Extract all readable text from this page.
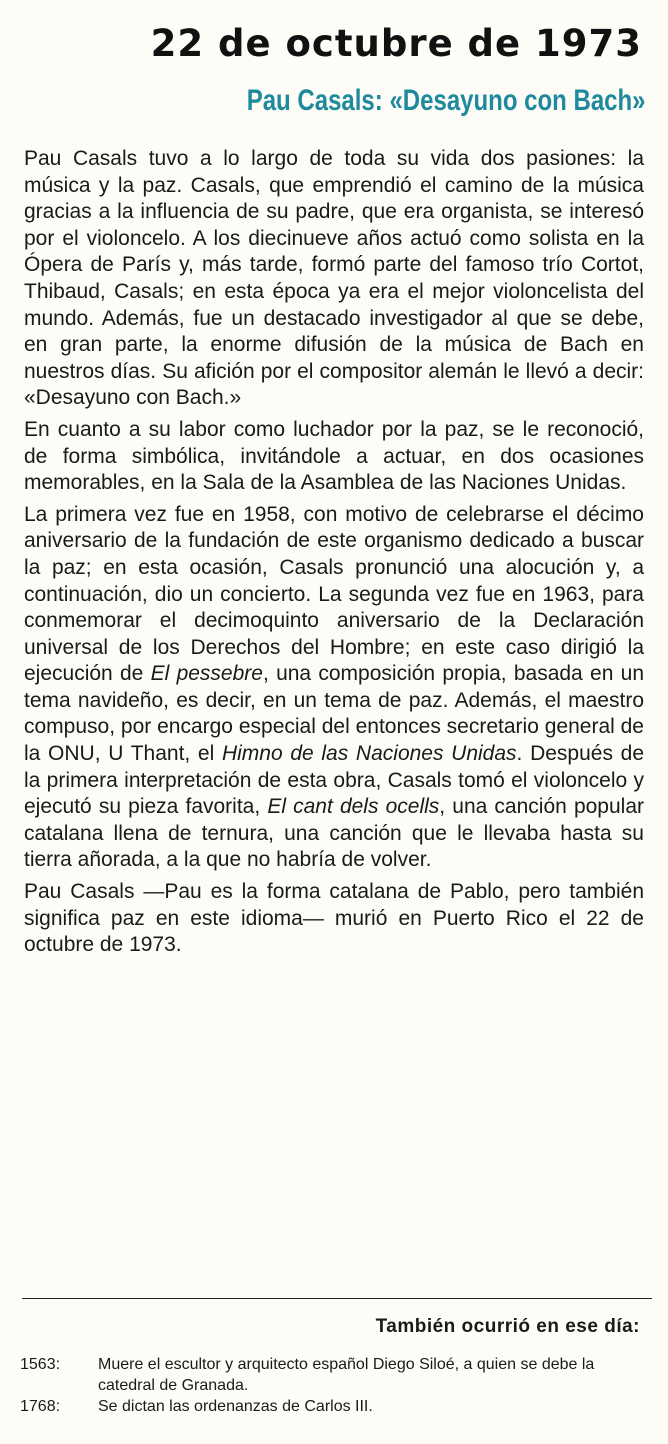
22 de octubre de 1973
Pau Casals: «Desayuno con Bach»

Pau Casals tuvo a lo largo de toda su vida dos pasiones: la música y la paz. Casals, que emprendió el camino de la música gracias a la influencia de su padre, que era organista, se interesó por el violoncelo. A los diecinueve años actuó como solista en la Ópera de París y, más tarde, formó parte del famoso trío Cortot, Thibaud, Casals; en esta época ya era el mejor violoncelista del mundo. Además, fue un destacado investigador al que se debe, en gran parte, la enorme difusión de la música de Bach en nuestros días. Su afición por el compositor alemán le llevó a decir: «Desayuno con Bach.»

En cuanto a su labor como luchador por la paz, se le reconoció, de forma simbólica, invitándole a actuar, en dos ocasiones memorables, en la Sala de la Asamblea de las Naciones Unidas.

La primera vez fue en 1958, con motivo de celebrarse el décimo aniversario de la fundación de este organismo dedicado a buscar la paz; en esta ocasión, Casals pronunció una alocución y, a continuación, dio un concierto. La segunda vez fue en 1963, para conmemorar el decimoquinto aniversario de la Declaración universal de los Derechos del Hombre; en este caso dirigió la ejecución de El pessebre, una composición propia, basada en un tema navideño, es decir, en un tema de paz. Además, el maestro compuso, por encargo especial del entonces secretario general de la ONU, U Thant, el Himno de las Naciones Unidas. Después de la primera interpretación de esta obra, Casals tomó el violoncelo y ejecutó su pieza favorita, El cant dels ocells, una canción popular catalana llena de ternura, una canción que le llevaba hasta su tierra añorada, a la que no habría de volver.

Pau Casals —Pau es la forma catalana de Pablo, pero también significa paz en este idioma— murió en Puerto Rico el 22 de octubre de 1973.

También ocurrió en ese día:
1563:	Muere el escultor y arquitecto español Diego Siloé, a quien se debe la catedral de Granada.
1768:	Se dictan las ordenanzas de Carlos III.
